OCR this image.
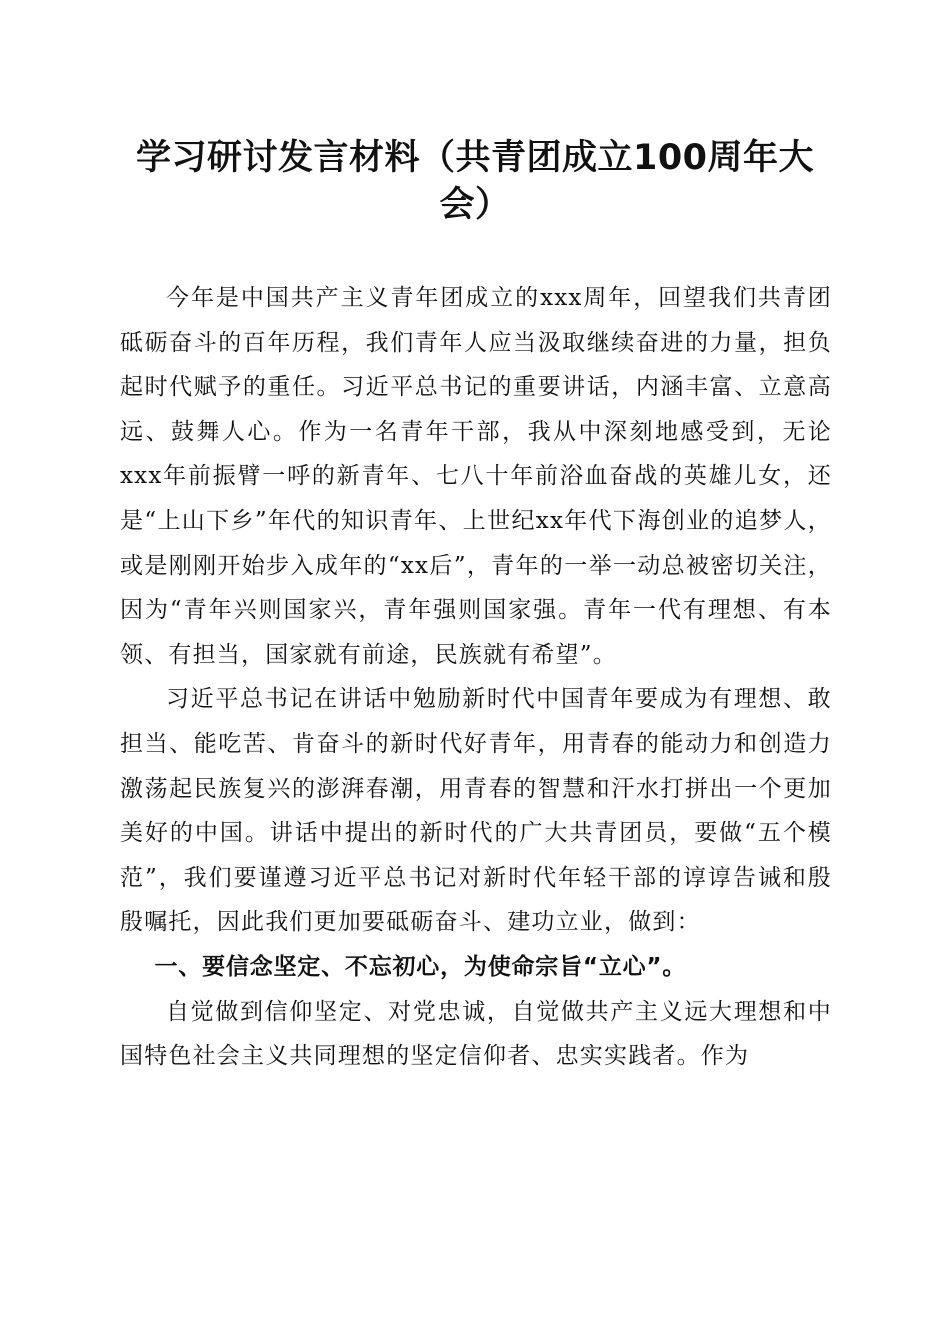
学习研讨发言材料（共青团成立100周年大会）

今年是中国共产主义青年团成立的xxx周年，回望我们共青团砥砺奋斗的百年历程，我们青年人应当汲取继续奋进的力量，担负起时代赋予的重任。习近平总书记的重要讲话，内涵丰富、立意高远、鼓舞人心。作为一名青年干部，我从中深刻地感受到，无论xxx年前振臂一呼的新青年、七八十年前浴血奋战的英雄儿女，还是“上山下乡”年代的知识青年、上世纪xx年代下海创业的追梦人，或是刚刚开始步入成年的“xx后”，青年的一举一动总被密切关注，因为“青年兴则国家兴，青年强则国家强。青年一代有理想、有本领、有担当，国家就有前途，民族就有希望”。

习近平总书记在讲话中勉励新时代中国青年要成为有理想、敢担当、能吃苦、肯奋斗的新时代好青年，用青春的能动力和创造力激荡起民族复兴的澎湃春潮，用青春的智慧和汗水打拼出一个更加美好的中国。讲话中提出的新时代的广大共青团员，要做“五个模范”，我们要谨遵习近平总书记对新时代年轻干部的谆谆告诫和殷殷嘱托，因此我们更加要砥砺奋斗、建功立业，做到：

一、要信念坚定、不忘初心，为使命宗旨“立心”。

自觉做到信仰坚定、对党忠诚，自觉做共产主义远大理想和中国特色社会主义共同理想的坚定信仰者、忠实实践者。作为
